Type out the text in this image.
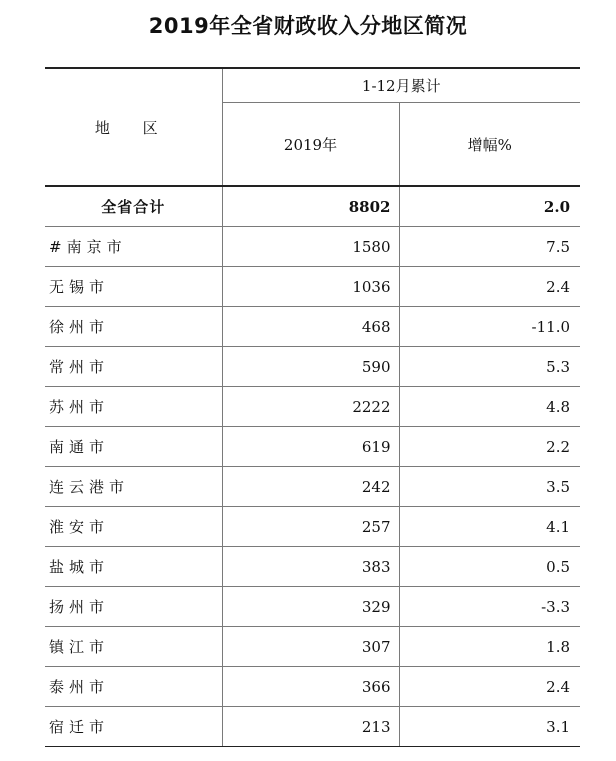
2019年全省财政收入分地区简况
地 区	1-12月累计	
	2019年	增幅%
全省合计	8802	2.0
#南京市	1580	7.5
无锡市	1036	2.4
徐州市	468	-11.0
常州市	590	5.3
苏州市	2222	4.8
南通市	619	2.2
连云港市	242	3.5
淮安市	257	4.1
盐城市	383	0.5
扬州市	329	-3.3
镇江市	307	1.8
泰州市	366	2.4
宿迁市	213	3.1
